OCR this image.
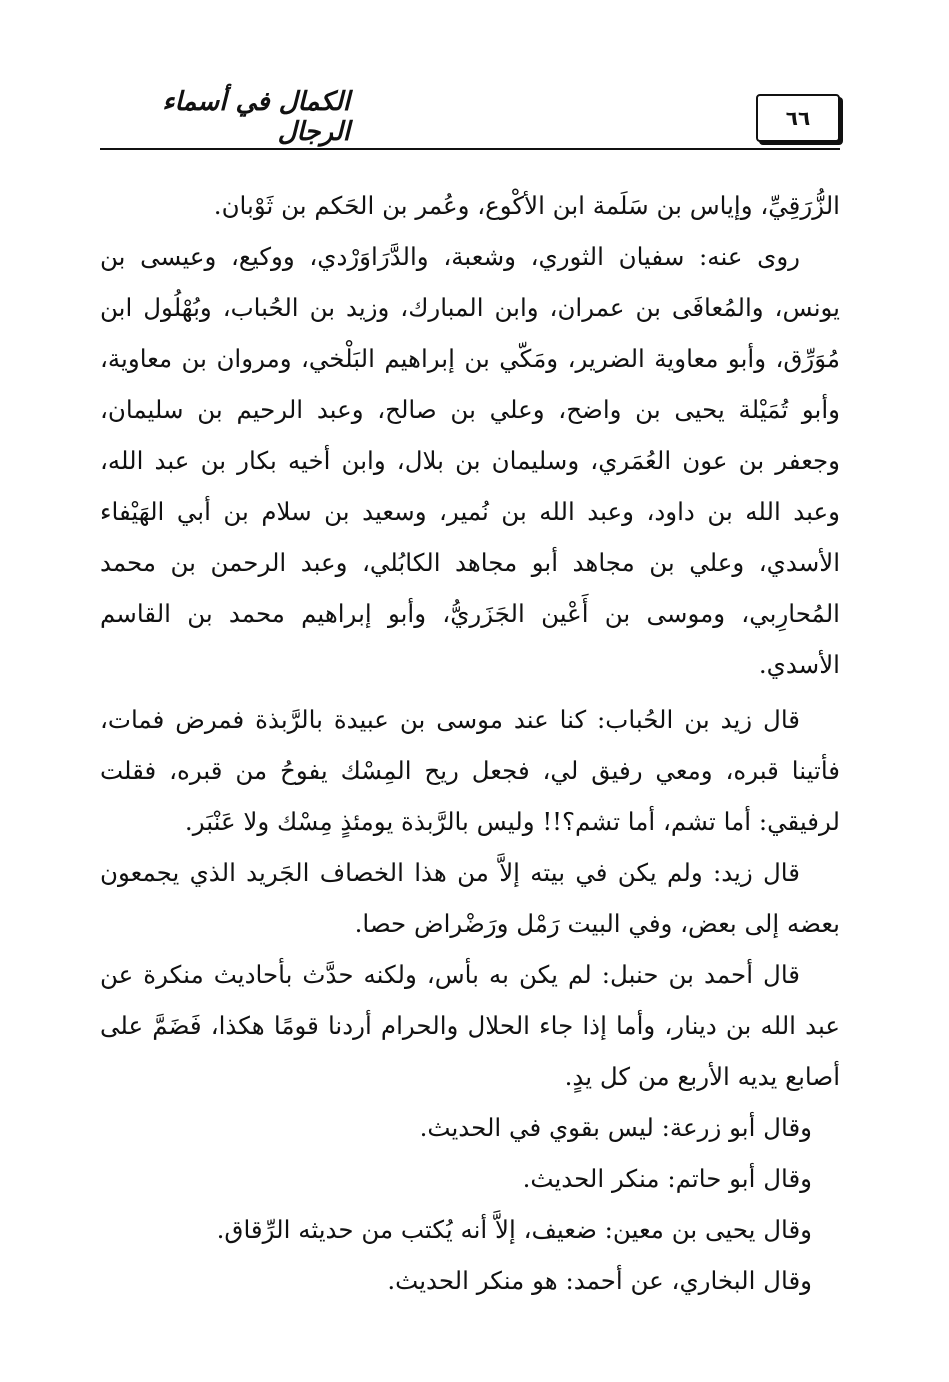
٦٦
الكمال في أسماء الرجال

الزُّرَقِيِّ، وإياس بن سَلَمة ابن الأكْوع، وعُمر بن الحَكم بن ثَوْبان.

روى عنه: سفيان الثوري، وشعبة، والدَّرَاوَرْدي، ووكيع، وعيسى بن يونس، والمُعافَى بن عمران، وابن المبارك، وزيد بن الحُباب، وبُهْلُول ابن مُوَرِّق، وأبو معاوية الضرير، ومَكّي بن إبراهيم البَلْخي، ومروان بن معاوية، وأبو تُمَيْلة يحيى بن واضح، وعلي بن صالح، وعبد الرحيم بن سليمان، وجعفر بن عون العُمَري، وسليمان بن بلال، وابن أخيه بكار بن عبد الله، وعبد الله بن داود، وعبد الله بن نُمير، وسعيد بن سلام بن أبي الهَيْفاء الأسدي، وعلي بن مجاهد أبو مجاهد الكابُلي، وعبد الرحمن بن محمد المُحارِبي، وموسى بن أَعْين الجَزَريُّ، وأبو إبراهيم محمد بن القاسم الأسدي.

قال زيد بن الحُباب: كنا عند موسى بن عبيدة بالرَّبذة فمرض فمات، فأتينا قبره، ومعي رفيق لي، فجعل ريح المِسْك يفوحُ من قبره، فقلت لرفيقي: أما تشم، أما تشم؟!! وليس بالرَّبذة يومئذٍ مِسْك ولا عَنْبَر.

قال زيد: ولم يكن في بيته إلاَّ من هذا الخصاف الجَريد الذي يجمعون بعضه إلى بعض، وفي البيت رَمْل ورَضْراض حصا.

قال أحمد بن حنبل: لم يكن به بأس، ولكنه حدَّث بأحاديث منكرة عن عبد الله بن دينار، وأما إذا جاء الحلال والحرام أردنا قومًا هكذا، فَضَمَّ على أصابع يديه الأربع من كل يدٍ.

وقال أبو زرعة: ليس بقوي في الحديث.

وقال أبو حاتم: منكر الحديث.

وقال يحيى بن معين: ضعيف، إلاَّ أنه يُكتب من حديثه الرِّقاق.

وقال البخاري، عن أحمد: هو منكر الحديث.
